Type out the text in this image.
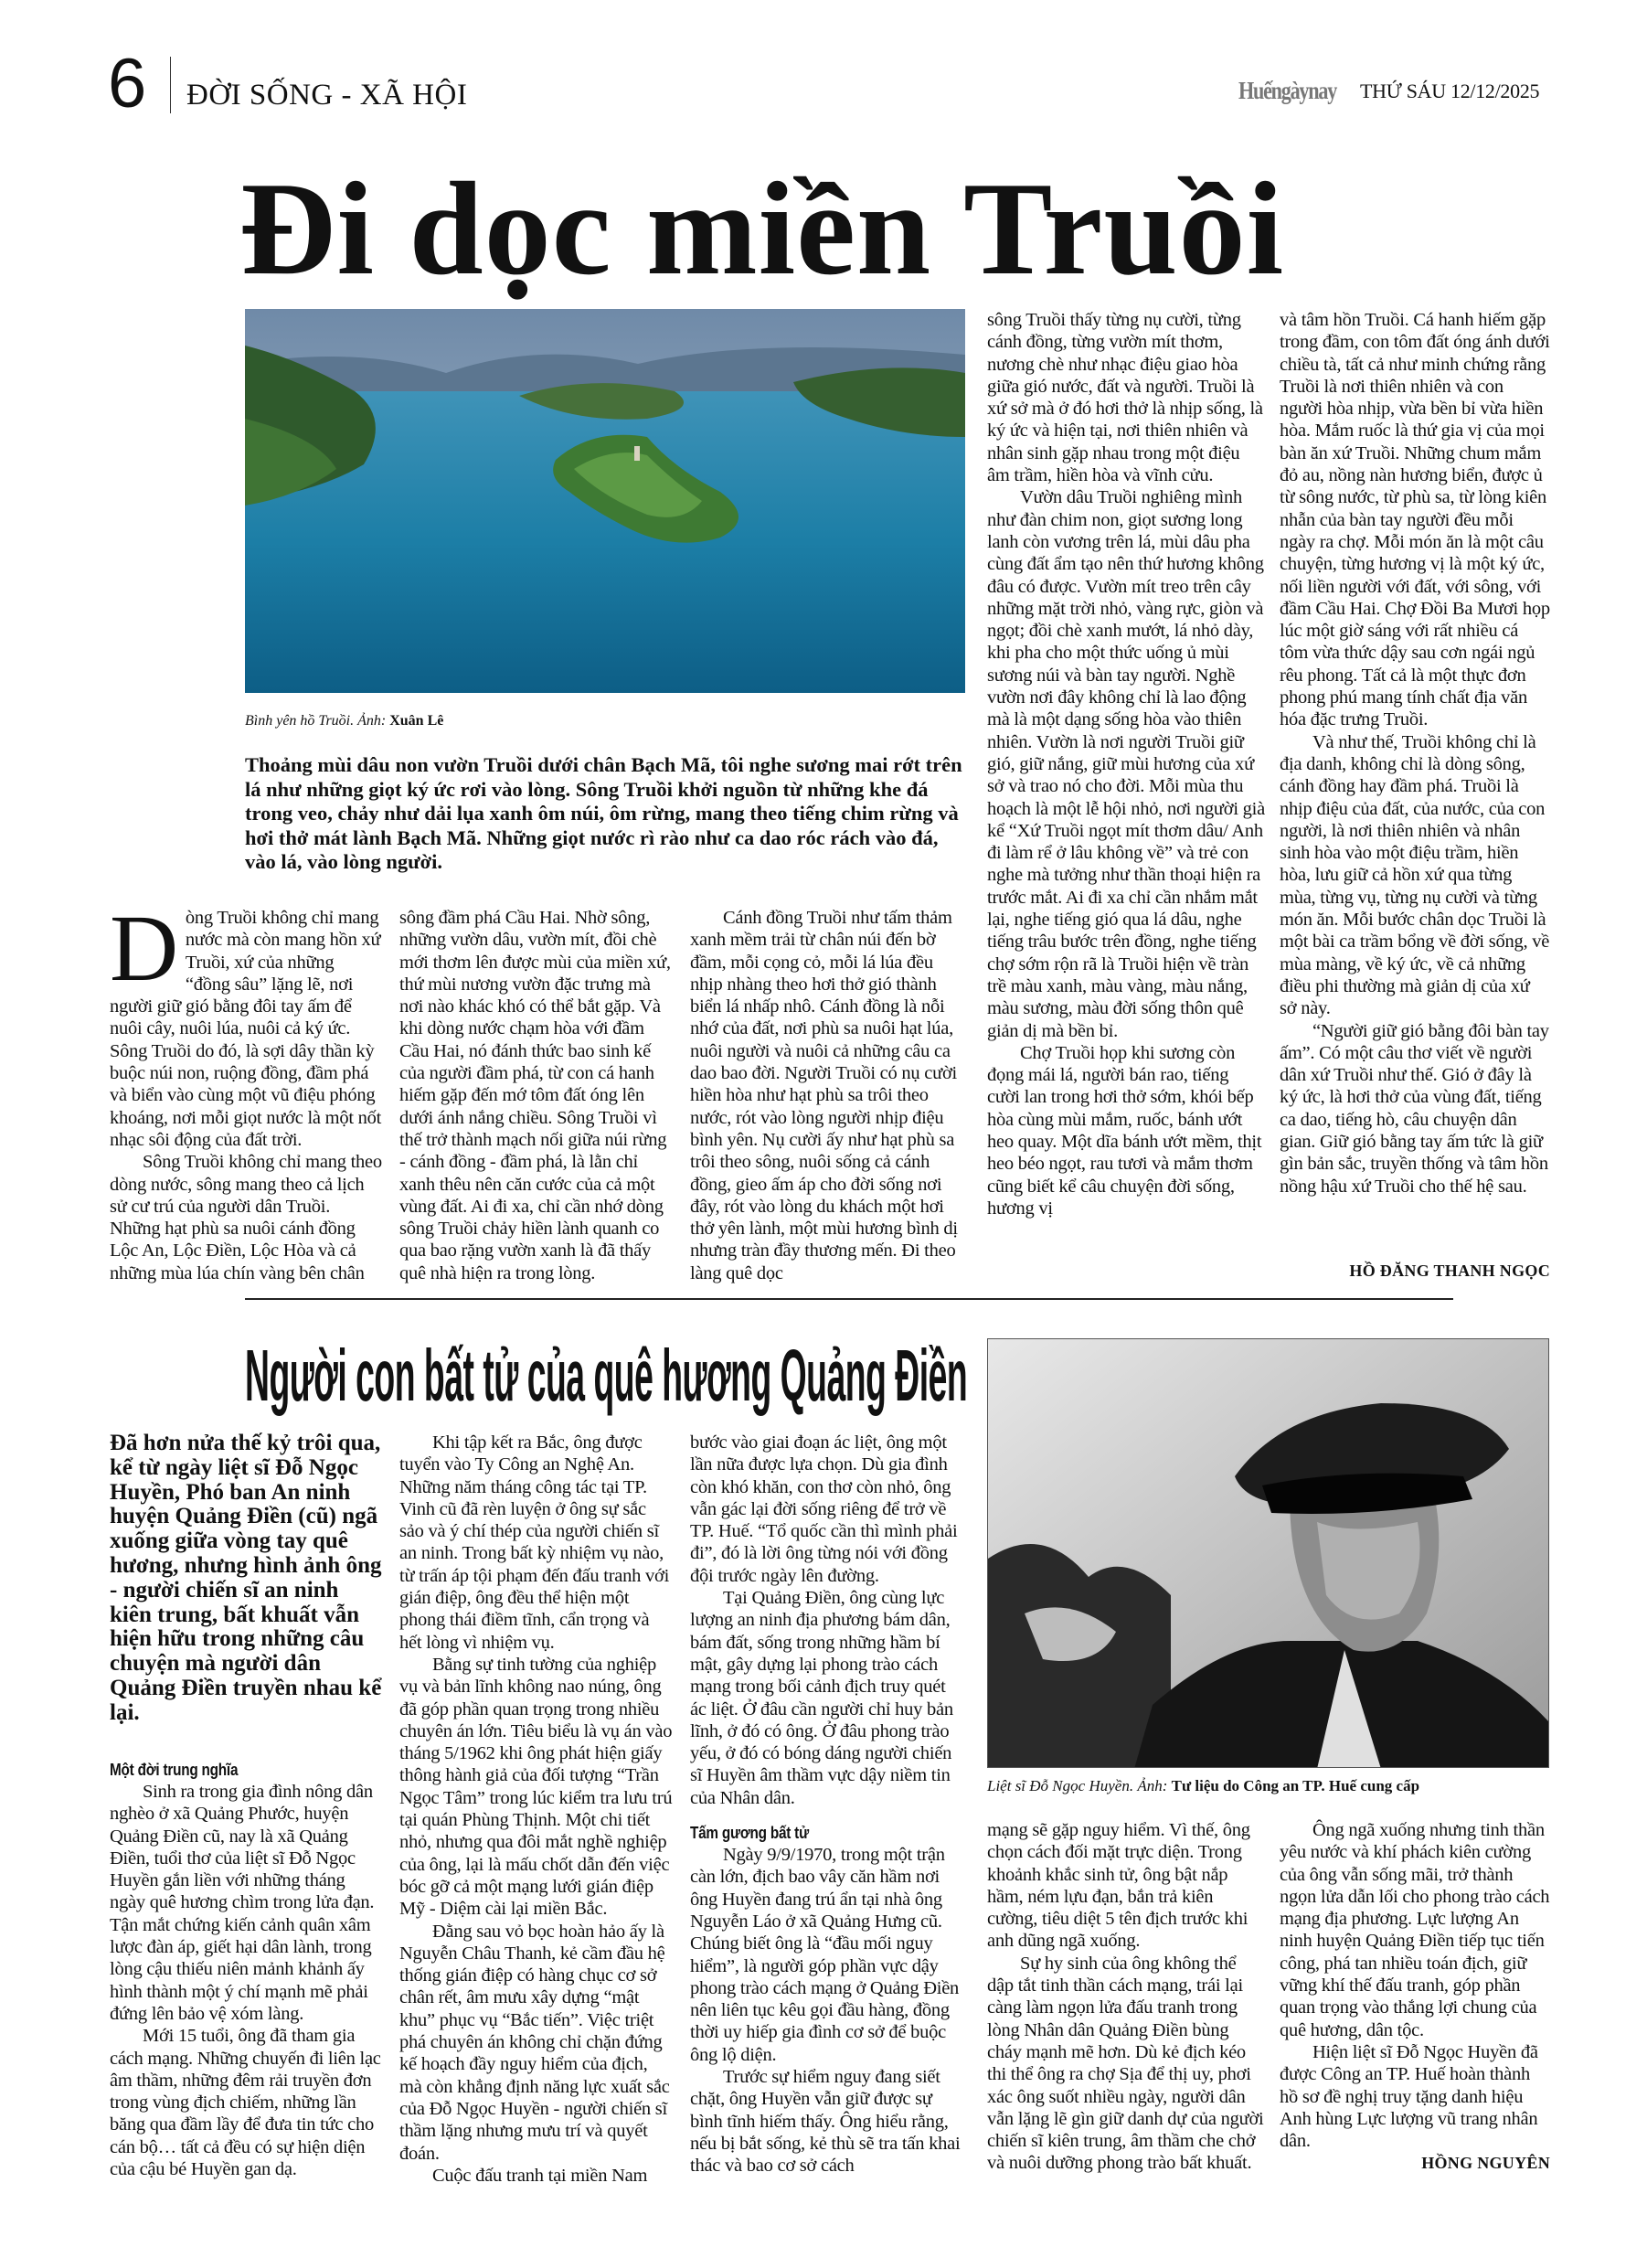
6 ĐỜI SỐNG - XÃ HỘI	Huếngàynay THỨ SÁU 12/12/2025
Đi dọc miền Truồi
Bình yên hồ Truồi. Ảnh: Xuân Lê
Thoảng mùi dâu non vườn Truồi dưới chân Bạch Mã, tôi nghe sương mai rớt trên lá như những giọt ký ức rơi vào lòng. Sông Truồi khởi nguồn từ những khe đá trong veo, chảy như dải lụa xanh ôm núi, ôm rừng, mang theo tiếng chim rừng và hơi thở mát lành Bạch Mã. Những giọt nước rì rào như ca dao róc rách vào đá, vào lá, vào lòng người.
D òng Truồi không chỉ mang nước mà còn mang hồn xứ Truồi, xứ của những “đồng sâu” lặng lẽ, nơi người giữ gió bằng đôi tay ấm để nuôi cây, nuôi lúa, nuôi cả ký ức. Sông Truồi do đó, là sợi dây thần kỳ buộc núi non, ruộng đồng, đầm phá và biển vào cùng một vũ điệu phóng khoáng, nơi mỗi giọt nước là một nốt nhạc sôi động của đất trời.

Sông Truồi không chỉ mang theo dòng nước, sông mang theo cả lịch sử cư trú của người dân Truồi. Những hạt phù sa nuôi cánh đồng Lộc An, Lộc Điền, Lộc Hòa và cả những mùa lúa chín vàng bên chân

sông đầm phá Cầu Hai. Nhờ sông, những vườn dâu, vườn mít, đồi chè mới thơm lên được mùi của miền xứ, thứ mùi nương vườn đặc trưng mà nơi nào khác khó có thể bắt gặp. Và khi dòng nước chạm hòa với đầm Cầu Hai, nó đánh thức bao sinh kế của người đầm phá, từ con cá hanh hiếm gặp đến mớ tôm đất óng lên dưới ánh nắng chiều. Sông Truồi vì thế trở thành mạch nối giữa núi rừng - cánh đồng - đầm phá, là lằn chỉ xanh thêu nên căn cước của cả một vùng đất. Ai đi xa, chỉ cần nhớ dòng sông Truồi chảy hiền lành quanh co qua bao rặng vườn xanh là đã thấy quê nhà hiện ra trong lòng.

Cánh đồng Truồi như tấm thảm xanh mềm trải từ chân núi đến bờ đầm, mỗi cọng cỏ, mỗi lá lúa đều nhịp nhàng theo hơi thở gió thành biển lá nhấp nhô. Cánh đồng là nỗi nhớ của đất, nơi phù sa nuôi hạt lúa, nuôi người và nuôi cả những câu ca dao bao đời. Người Truồi có nụ cười hiền hòa như hạt phù sa trôi theo nước, rót vào lòng người nhịp điệu bình yên. Nụ cười ấy như hạt phù sa trôi theo sông, nuôi sống cả cánh đồng, gieo ấm áp cho đời sống nơi đây, rót vào lòng du khách một hơi thở yên lành, một mùi hương bình dị nhưng tràn đầy thương mến. Đi theo làng quê dọc

sông Truồi thấy từng nụ cười, từng cánh đồng, từng vườn mít thơm, nương chè như nhạc điệu giao hòa giữa gió nước, đất và người. Truồi là xứ sở mà ở đó hơi thở là nhịp sống, là ký ức và hiện tại, nơi thiên nhiên và nhân sinh gặp nhau trong một điệu âm trầm, hiền hòa và vĩnh cửu.

Vườn dâu Truồi nghiêng mình như đàn chim non, giọt sương long lanh còn vương trên lá, mùi dâu pha cùng đất ẩm tạo nên thứ hương không đâu có được. Vườn mít treo trên cây những mặt trời nhỏ, vàng rực, giòn và ngọt; đồi chè xanh mướt, lá nhỏ dày, khi pha cho một thức uống ủ mùi sương núi và bàn tay người. Nghề vườn nơi đây không chỉ là lao động mà là một dạng sống hòa vào thiên nhiên. Vườn là nơi người Truồi giữ gió, giữ nắng, giữ mùi hương của xứ sở và trao nó cho đời. Mỗi mùa thu hoạch là một lễ hội nhỏ, nơi người già kể “Xứ Truồi ngọt mít thơm dâu/ Anh đi làm rể ở lâu không về” và trẻ con nghe mà tưởng như thần thoại hiện ra trước mắt. Ai đi xa chỉ cần nhắm mắt lại, nghe tiếng gió qua lá dâu, nghe tiếng trâu bước trên đồng, nghe tiếng chợ sớm rộn rã là Truồi hiện về tràn trề màu xanh, màu vàng, màu nắng, màu sương, màu đời sống thôn quê giản dị mà bền bỉ.

Chợ Truồi họp khi sương còn đọng mái lá, người bán rao, tiếng cười lan trong hơi thở sớm, khói bếp hòa cùng mùi mắm, ruốc, bánh ướt heo quay. Một dĩa bánh ướt mềm, thịt heo béo ngọt, rau tươi và mắm thơm cũng biết kể câu chuyện đời sống, hương vị

và tâm hồn Truồi. Cá hanh hiếm gặp trong đầm, con tôm đất óng ánh dưới chiều tà, tất cả như minh chứng rằng Truồi là nơi thiên nhiên và con người hòa nhịp, vừa bền bỉ vừa hiền hòa. Mắm ruốc là thứ gia vị của mọi bàn ăn xứ Truồi. Những chum mắm đỏ au, nồng nàn hương biển, được ủ từ sông nước, từ phù sa, từ lòng kiên nhẫn của bàn tay người đều mỗi ngày ra chợ. Mỗi món ăn là một câu chuyện, từng hương vị là một ký ức, nối liền người với đất, với sông, với đầm Cầu Hai. Chợ Đồi Ba Mươi họp lúc một giờ sáng với rất nhiều cá tôm vừa thức dậy sau cơn ngái ngủ rêu phong. Tất cả là một thực đơn phong phú mang tính chất địa văn hóa đặc trưng Truồi.

Và như thế, Truồi không chỉ là địa danh, không chỉ là dòng sông, cánh đồng hay đầm phá. Truồi là nhịp điệu của đất, của nước, của con người, là nơi thiên nhiên và nhân sinh hòa vào một điệu trầm, hiền hòa, lưu giữ cả hồn xứ qua từng mùa, từng vụ, từng nụ cười và từng món ăn. Mỗi bước chân dọc Truồi là một bài ca trầm bổng về đời sống, về mùa màng, về ký ức, về cả những điều phi thường mà giản dị của xứ sở này.

“Người giữ gió bằng đôi bàn tay ấm”. Có một câu thơ viết về người dân xứ Truồi như thế. Gió ở đây là ký ức, là hơi thở của vùng đất, tiếng ca dao, tiếng hò, câu chuyện dân gian. Giữ gió bằng tay ấm tức là giữ gìn bản sắc, truyền thống và tâm hồn nồng hậu xứ Truồi cho thế hệ sau.

HỒ ĐĂNG THANH NGỌC
Người con bất tử của quê hương Quảng Điền
Liệt sĩ Đỗ Ngọc Huyền. Ảnh: Tư liệu do Công an TP. Huế cung cấp
Đã hơn nửa thế kỷ trôi qua, kể từ ngày liệt sĩ Đỗ Ngọc Huyền, Phó ban An ninh huyện Quảng Điền (cũ) ngã xuống giữa vòng tay quê hương, nhưng hình ảnh ông - người chiến sĩ an ninh kiên trung, bất khuất vẫn hiện hữu trong những câu chuyện mà người dân Quảng Điền truyền nhau kể lại.
Một đời trung nghĩa

Sinh ra trong gia đình nông dân nghèo ở xã Quảng Phước, huyện Quảng Điền cũ, nay là xã Quảng Điền, tuổi thơ của liệt sĩ Đỗ Ngọc Huyền gắn liền với những tháng ngày quê hương chìm trong lửa đạn. Tận mắt chứng kiến cảnh quân xâm lược đàn áp, giết hại dân lành, trong lòng cậu thiếu niên mảnh khảnh ấy hình thành một ý chí mạnh mẽ phải đứng lên bảo vệ xóm làng.

Mới 15 tuổi, ông đã tham gia cách mạng. Những chuyến đi liên lạc âm thầm, những đêm rải truyền đơn trong vùng địch chiếm, những lần băng qua đầm lầy để đưa tin tức cho cán bộ… tất cả đều có sự hiện diện của cậu bé Huyền gan dạ.

Khi tập kết ra Bắc, ông được tuyển vào Ty Công an Nghệ An. Những năm tháng công tác tại TP. Vinh cũ đã rèn luyện ở ông sự sắc sảo và ý chí thép của người chiến sĩ an ninh. Trong bất kỳ nhiệm vụ nào, từ trấn áp tội phạm đến đấu tranh với gián điệp, ông đều thể hiện một phong thái điềm tĩnh, cẩn trọng và hết lòng vì nhiệm vụ.

Bằng sự tinh tường của nghiệp vụ và bản lĩnh không nao núng, ông đã góp phần quan trọng trong nhiều chuyên án lớn. Tiêu biểu là vụ án vào tháng 5/1962 khi ông phát hiện giấy thông hành giả của đối tượng “Trần Ngọc Tâm” trong lúc kiểm tra lưu trú tại quán Phùng Thịnh. Một chi tiết nhỏ, nhưng qua đôi mắt nghề nghiệp của ông, lại là mấu chốt dẫn đến việc bóc gỡ cả một mạng lưới gián điệp Mỹ - Diệm cài lại miền Bắc.

Đằng sau vỏ bọc hoàn hảo ấy là Nguyễn Châu Thanh, kẻ cầm đầu hệ thống gián điệp có hàng chục cơ sở chân rết, âm mưu xây dựng “mật khu” phục vụ “Bắc tiến”. Việc triệt phá chuyên án không chỉ chặn đứng kế hoạch đầy nguy hiểm của địch, mà còn khẳng định năng lực xuất sắc của Đỗ Ngọc Huyền - người chiến sĩ thầm lặng nhưng mưu trí và quyết đoán.

Cuộc đấu tranh tại miền Nam

bước vào giai đoạn ác liệt, ông một lần nữa được lựa chọn. Dù gia đình còn khó khăn, con thơ còn nhỏ, ông vẫn gác lại đời sống riêng để trở về TP. Huế. “Tổ quốc cần thì mình phải đi”, đó là lời ông từng nói với đồng đội trước ngày lên đường.

Tại Quảng Điền, ông cùng lực lượng an ninh địa phương bám dân, bám đất, sống trong những hầm bí mật, gây dựng lại phong trào cách mạng trong bối cảnh địch truy quét ác liệt. Ở đâu cần người chỉ huy bản lĩnh, ở đó có ông. Ở đâu phong trào yếu, ở đó có bóng dáng người chiến sĩ Huyền âm thầm vực dậy niềm tin của Nhân dân.

Tấm gương bất tử

Ngày 9/9/1970, trong một trận càn lớn, địch bao vây căn hầm nơi ông Huyền đang trú ẩn tại nhà ông Nguyễn Láo ở xã Quảng Hưng cũ. Chúng biết ông là “đầu mối nguy hiểm”, là người góp phần vực dậy phong trào cách mạng ở Quảng Điền nên liên tục kêu gọi đầu hàng, đồng thời uy hiếp gia đình cơ sở để buộc ông lộ diện.

Trước sự hiểm nguy đang siết chặt, ông Huyền vẫn giữ được sự bình tĩnh hiếm thấy. Ông hiểu rằng, nếu bị bắt sống, kẻ thù sẽ tra tấn khai thác và bao cơ sở cách

mạng sẽ gặp nguy hiểm. Vì thế, ông chọn cách đối mặt trực diện. Trong khoảnh khắc sinh tử, ông bật nắp hầm, ném lựu đạn, bắn trả kiên cường, tiêu diệt 5 tên địch trước khi anh dũng ngã xuống.

Sự hy sinh của ông không thể dập tắt tinh thần cách mạng, trái lại càng làm ngọn lửa đấu tranh trong lòng Nhân dân Quảng Điền bùng cháy mạnh mẽ hơn. Dù kẻ địch kéo thi thể ông ra chợ Sịa để thị uy, phơi xác ông suốt nhiều ngày, người dân vẫn lặng lẽ gìn giữ danh dự của người chiến sĩ kiên trung, âm thầm che chở và nuôi dưỡng phong trào bất khuất.

Ông ngã xuống nhưng tinh thần yêu nước và khí phách kiên cường của ông vẫn sống mãi, trở thành ngọn lửa dẫn lối cho phong trào cách mạng địa phương. Lực lượng An ninh huyện Quảng Điền tiếp tục tiến công, phá tan nhiều toán địch, giữ vững khí thế đấu tranh, góp phần quan trọng vào thắng lợi chung của quê hương, dân tộc.

Hiện liệt sĩ Đỗ Ngọc Huyền đã được Công an TP. Huế hoàn thành hồ sơ đề nghị truy tặng danh hiệu Anh hùng Lực lượng vũ trang nhân dân.

HỒNG NGUYÊN
